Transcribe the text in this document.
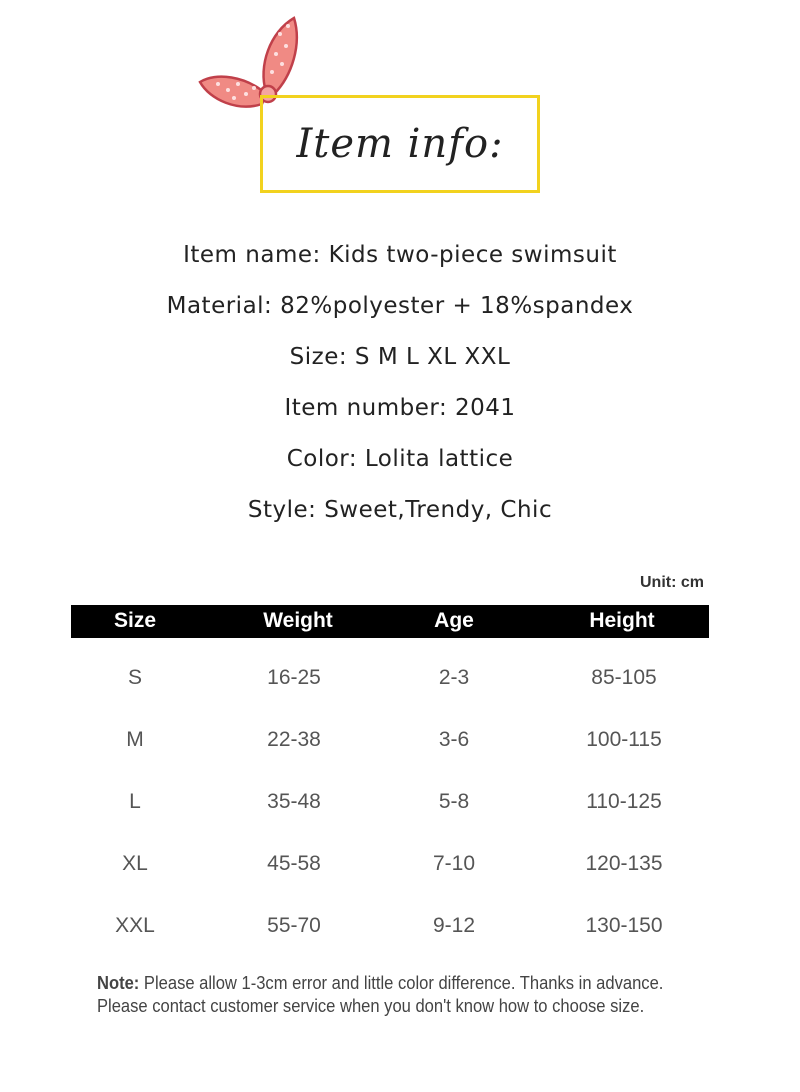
Item info:
Item name: Kids two-piece swimsuit
Material: 82%polyester + 18%spandex
Size: S M L XL XXL
Item number: 2041
Color: Lolita lattice
Style: Sweet,Trendy, Chic
Unit: cm
Size	Weight	Age	Height
S	16-25	2-3	85-105
M	22-38	3-6	100-115
L	35-48	5-8	110-125
XL	45-58	7-10	120-135
XXL	55-70	9-12	130-150
Note: Please allow 1-3cm error and little color difference. Thanks in advance.
Please contact customer service when you don't know how to choose size.
